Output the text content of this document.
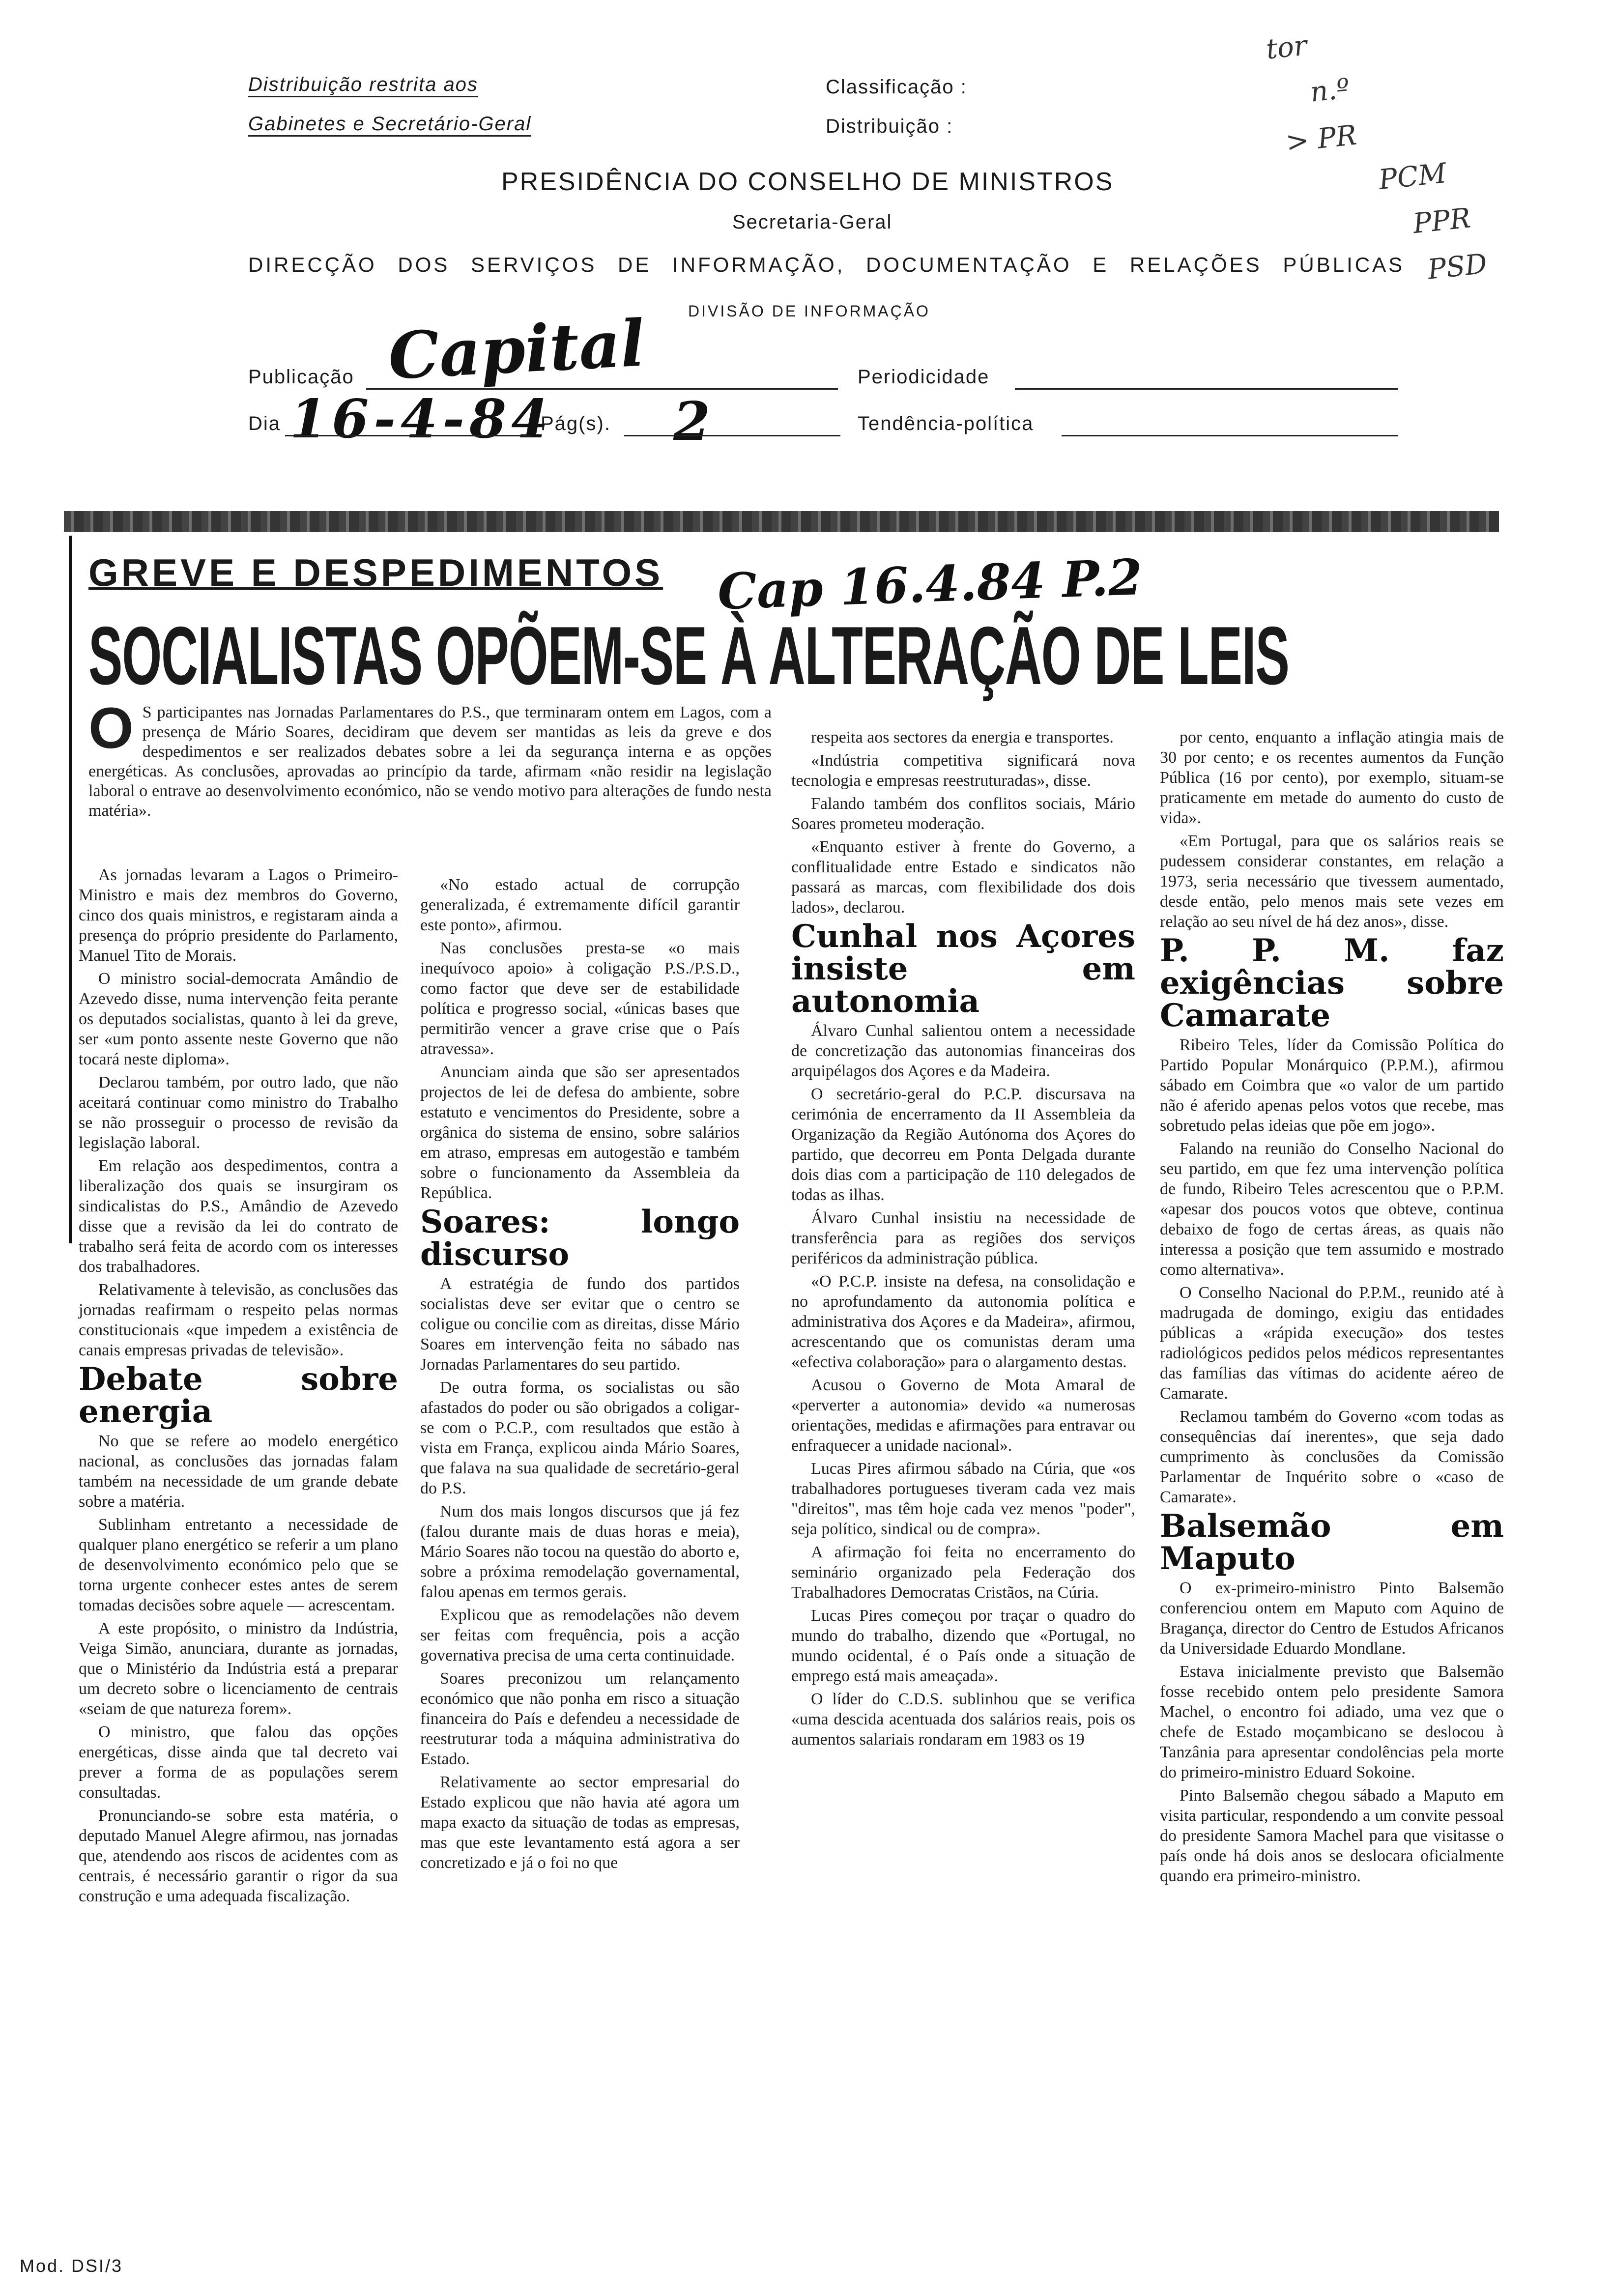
Distribuição restrita aos
Gabinetes e Secretário-Geral
Classificação :
Distribuição :
PRESIDÊNCIA DO CONSELHO DE MINISTROS
Secretaria-Geral
DIRECÇÃO DOS SERVIÇOS DE INFORMAÇÃO, DOCUMENTAÇÃO E RELAÇÕES PÚBLICAS
DIVISÃO DE INFORMAÇÃO
tor
n.º
> PR
PCM
PPR
PSD
Publicação Capital	Periodicidade
Dia 16-4-84
Pág(s). 2	Tendência-política
GREVE E DESPEDIMENTOS Cap 16.4.84 P.2
SOCIALISTAS OPÕEM-SE À ALTERAÇÃO DE LEIS
O S participantes nas Jornadas Parlamentares do P.S., que terminaram ontem em Lagos, com a presença de Mário Soares, decidiram que devem ser mantidas as leis da greve e dos despedimentos e ser realizados debates sobre a lei da segurança interna e as opções energéticas. As conclusões, aprovadas ao princípio da tarde, afirmam «não residir na legislação laboral o entrave ao desenvolvimento económico, não se vendo motivo para alterações de fundo nesta matéria».

As jornadas levaram a Lagos o Primeiro-Ministro e mais dez membros do Governo, cinco dos quais ministros, e registaram ainda a presença do próprio presidente do Parlamento, Manuel Tito de Morais.

O ministro social-democrata Amândio de Azevedo disse, numa intervenção feita perante os deputados socialistas, quanto à lei da greve, ser «um ponto assente neste Governo que não tocará neste diploma».

Declarou também, por outro lado, que não aceitará continuar como ministro do Trabalho se não prosseguir o processo de revisão da legislação laboral.

Em relação aos despedimentos, contra a liberalização dos quais se insurgiram os sindicalistas do P.S., Amândio de Azevedo disse que a revisão da lei do contrato de trabalho será feita de acordo com os interesses dos trabalhadores.

Relativamente à televisão, as conclusões das jornadas reafirmam o respeito pelas normas constitucionais «que impedem a existência de canais empresas privadas de televisão».

Debate sobre energia

No que se refere ao modelo energético nacional, as conclusões das jornadas falam também na necessidade de um grande debate sobre a matéria.

Sublinham entretanto a necessidade de qualquer plano energético se referir a um plano de desenvolvimento económico pelo que se torna urgente conhecer estes antes de serem tomadas decisões sobre aquele — acrescentam.

A este propósito, o ministro da Indústria, Veiga Simão, anunciara, durante as jornadas, que o Ministério da Indústria está a preparar um decreto sobre o licenciamento de centrais «seiam de que natureza forem».

O ministro, que falou das opções energéticas, disse ainda que tal decreto vai prever a forma de as populações serem consultadas.

Pronunciando-se sobre esta matéria, o deputado Manuel Alegre afirmou, nas jornadas que, atendendo aos riscos de acidentes com as centrais, é necessário garantir o rigor da sua construção e uma adequada fiscalização.

«No estado actual de corrupção generalizada, é extremamente difícil garantir este ponto», afirmou.

Nas conclusões presta-se «o mais inequívoco apoio» à coligação P.S./P.S.D., como factor que deve ser de estabilidade política e progresso social, «únicas bases que permitirão vencer a grave crise que o País atravessa».

Anunciam ainda que são ser apresentados projectos de lei de defesa do ambiente, sobre estatuto e vencimentos do Presidente, sobre a orgânica do sistema de ensino, sobre salários em atraso, empresas em autogestão e também sobre o funcionamento da Assembleia da República.

Soares: longo discurso

A estratégia de fundo dos partidos socialistas deve ser evitar que o centro se coligue ou concilie com as direitas, disse Mário Soares em intervenção feita no sábado nas Jornadas Parlamentares do seu partido.

De outra forma, os socialistas ou são afastados do poder ou são obrigados a coligar-se com o P.C.P., com resultados que estão à vista em França, explicou ainda Mário Soares, que falava na sua qualidade de secretário-geral do P.S.

Num dos mais longos discursos que já fez (falou durante mais de duas horas e meia), Mário Soares não tocou na questão do aborto e, sobre a próxima remodelação governamental, falou apenas em termos gerais.

Explicou que as remodelações não devem ser feitas com frequência, pois a acção governativa precisa de uma certa continuidade.

Soares preconizou um relançamento económico que não ponha em risco a situação financeira do País e defendeu a necessidade de reestruturar toda a máquina administrativa do Estado.

Relativamente ao sector empresarial do Estado explicou que não havia até agora um mapa exacto da situação de todas as empresas, mas que este levantamento está agora a ser concretizado e já o foi no que

respeita aos sectores da energia e transportes.

«Indústria competitiva significará nova tecnologia e empresas reestruturadas», disse.

Falando também dos conflitos sociais, Mário Soares prometeu moderação.

«Enquanto estiver à frente do Governo, a conflitualidade entre Estado e sindicatos não passará as marcas, com flexibilidade dos dois lados», declarou.

Cunhal nos Açores insiste em autonomia

Álvaro Cunhal salientou ontem a necessidade de concretização das autonomias financeiras dos arquipélagos dos Açores e da Madeira.

O secretário-geral do P.C.P. discursava na cerimónia de encerramento da II Assembleia da Organização da Região Autónoma dos Açores do partido, que decorreu em Ponta Delgada durante dois dias com a participação de 110 delegados de todas as ilhas.

Álvaro Cunhal insistiu na necessidade de transferência para as regiões dos serviços periféricos da administração pública.

«O P.C.P. insiste na defesa, na consolidação e no aprofundamento da autonomia política e administrativa dos Açores e da Madeira», afirmou, acrescentando que os comunistas deram uma «efectiva colaboração» para o alargamento destas.

Acusou o Governo de Mota Amaral de «perverter a autonomia» devido «a numerosas orientações, medidas e afirmações para entravar ou enfraquecer a unidade nacional».

Lucas Pires afirmou sábado na Cúria, que «os trabalhadores portugueses tiveram cada vez mais "direitos", mas têm hoje cada vez menos "poder", seja político, sindical ou de compra».

A afirmação foi feita no encerramento do seminário organizado pela Federação dos Trabalhadores Democratas Cristãos, na Cúria.

Lucas Pires começou por traçar o quadro do mundo do trabalho, dizendo que «Portugal, no mundo ocidental, é o País onde a situação de emprego está mais ameaçada».

O líder do C.D.S. sublinhou que se verifica «uma descida acentuada dos salários reais, pois os aumentos salariais rondaram em 1983 os 19

por cento, enquanto a inflação atingia mais de 30 por cento; e os recentes aumentos da Função Pública (16 por cento), por exemplo, situam-se praticamente em metade do aumento do custo de vida».

«Em Portugal, para que os salários reais se pudessem considerar constantes, em relação a 1973, seria necessário que tivessem aumentado, desde então, pelo menos mais sete vezes em relação ao seu nível de há dez anos», disse.

P. P. M. faz exigências sobre Camarate

Ribeiro Teles, líder da Comissão Política do Partido Popular Monárquico (P.P.M.), afirmou sábado em Coimbra que «o valor de um partido não é aferido apenas pelos votos que recebe, mas sobretudo pelas ideias que põe em jogo».

Falando na reunião do Conselho Nacional do seu partido, em que fez uma intervenção política de fundo, Ribeiro Teles acrescentou que o P.P.M. «apesar dos poucos votos que obteve, continua debaixo de fogo de certas áreas, as quais não interessa a posição que tem assumido e mostrado como alternativa».

O Conselho Nacional do P.P.M., reunido até à madrugada de domingo, exigiu das entidades públicas a «rápida execução» dos testes radiológicos pedidos pelos médicos representantes das famílias das vítimas do acidente aéreo de Camarate.

Reclamou também do Governo «com todas as consequências daí inerentes», que seja dado cumprimento às conclusões da Comissão Parlamentar de Inquérito sobre o «caso de Camarate».

Balsemão em Maputo

O ex-primeiro-ministro Pinto Balsemão conferenciou ontem em Maputo com Aquino de Bragança, director do Centro de Estudos Africanos da Universidade Eduardo Mondlane.

Estava inicialmente previsto que Balsemão fosse recebido ontem pelo presidente Samora Machel, o encontro foi adiado, uma vez que o chefe de Estado moçambicano se deslocou à Tanzânia para apresentar condolências pela morte do primeiro-ministro Eduard Sokoine.

Pinto Balsemão chegou sábado a Maputo em visita particular, respondendo a um convite pessoal do presidente Samora Machel para que visitasse o país onde há dois anos se deslocara oficialmente quando era primeiro-ministro.

Mod. DSI/3
